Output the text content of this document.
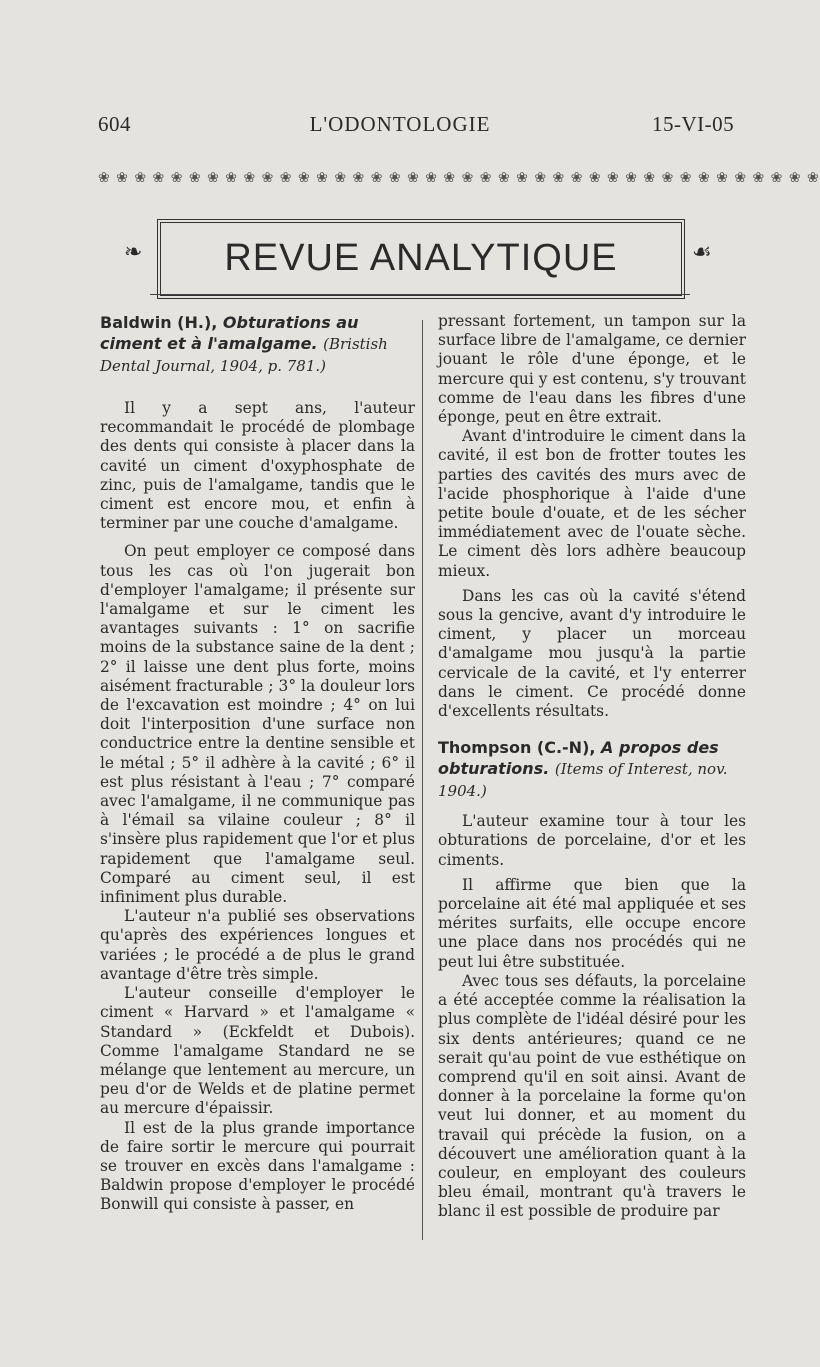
604	L'ODONTOLOGIE	15-VI-05
❀ ❀ ❀ ❀ ❀ ❀ ❀ ❀ ❀ ❀ ❀ ❀ ❀ ❀ ❀ ❀ ❀ ❀ ❀ ❀ ❀ ❀ ❀ ❀ ❀ ❀ ❀ ❀ ❀ ❀ ❀ ❀ ❀ ❀ ❀ ❀ ❀ ❀ ❀ ❀
❧	REVUE ANALYTIQUE	☙

Baldwin (H.), Obturations au ciment et à l'amalgame. (Bristish Dental Journal, 1904, p. 781.)

Il y a sept ans, l'auteur recommandait le procédé de plombage des dents qui consiste à placer dans la cavité un ciment d'oxyphosphate de zinc, puis de l'amalgame, tandis que le ciment est encore mou, et enfin à terminer par une couche d'amalgame.

On peut employer ce composé dans tous les cas où l'on jugerait bon d'employer l'amalgame; il présente sur l'amalgame et sur le ciment les avantages suivants : 1° on sacrifie moins de la substance saine de la dent ; 2° il laisse une dent plus forte, moins aisément fracturable ; 3° la douleur lors de l'excavation est moindre ; 4° on lui doit l'interposition d'une surface non conductrice entre la dentine sensible et le métal ; 5° il adhère à la cavité ; 6° il est plus résistant à l'eau ; 7° comparé avec l'amalgame, il ne communique pas à l'émail sa vilaine couleur ; 8° il s'insère plus rapidement que l'or et plus rapidement que l'amalgame seul. Comparé au ciment seul, il est infiniment plus durable.

L'auteur n'a publié ses observations qu'après des expériences longues et variées ; le procédé a de plus le grand avantage d'être très simple.

L'auteur conseille d'employer le ciment « Harvard » et l'amalgame « Standard » (Eckfeldt et Dubois). Comme l'amalgame Standard ne se mélange que lentement au mercure, un peu d'or de Welds et de platine permet au mercure d'épaissir.

Il est de la plus grande importance de faire sortir le mercure qui pourrait se trouver en excès dans l'amalgame : Baldwin propose d'employer le procédé Bonwill qui consiste à passer, en

pressant fortement, un tampon sur la surface libre de l'amalgame, ce dernier jouant le rôle d'une éponge, et le mercure qui y est contenu, s'y trouvant comme de l'eau dans les fibres d'une éponge, peut en être extrait.

Avant d'introduire le ciment dans la cavité, il est bon de frotter toutes les parties des cavités des murs avec de l'acide phosphorique à l'aide d'une petite boule d'ouate, et de les sécher immédiatement avec de l'ouate sèche. Le ciment dès lors adhère beaucoup mieux.

Dans les cas où la cavité s'étend sous la gencive, avant d'y introduire le ciment, y placer un morceau d'amalgame mou jusqu'à la partie cervicale de la cavité, et l'y enterrer dans le ciment. Ce procédé donne d'excellents résultats.

Thompson (C.-N), A propos des obturations. (Items of Interest, nov. 1904.)

L'auteur examine tour à tour les obturations de porcelaine, d'or et les ciments.

Il affirme que bien que la porcelaine ait été mal appliquée et ses mérites surfaits, elle occupe encore une place dans nos procédés qui ne peut lui être substituée.

Avec tous ses défauts, la porcelaine a été acceptée comme la réalisation la plus complète de l'idéal désiré pour les six dents antérieures; quand ce ne serait qu'au point de vue esthétique on comprend qu'il en soit ainsi. Avant de donner à la porcelaine la forme qu'on veut lui donner, et au moment du travail qui précède la fusion, on a découvert une amélioration quant à la couleur, en employant des couleurs bleu émail, montrant qu'à travers le blanc il est possible de produire par
